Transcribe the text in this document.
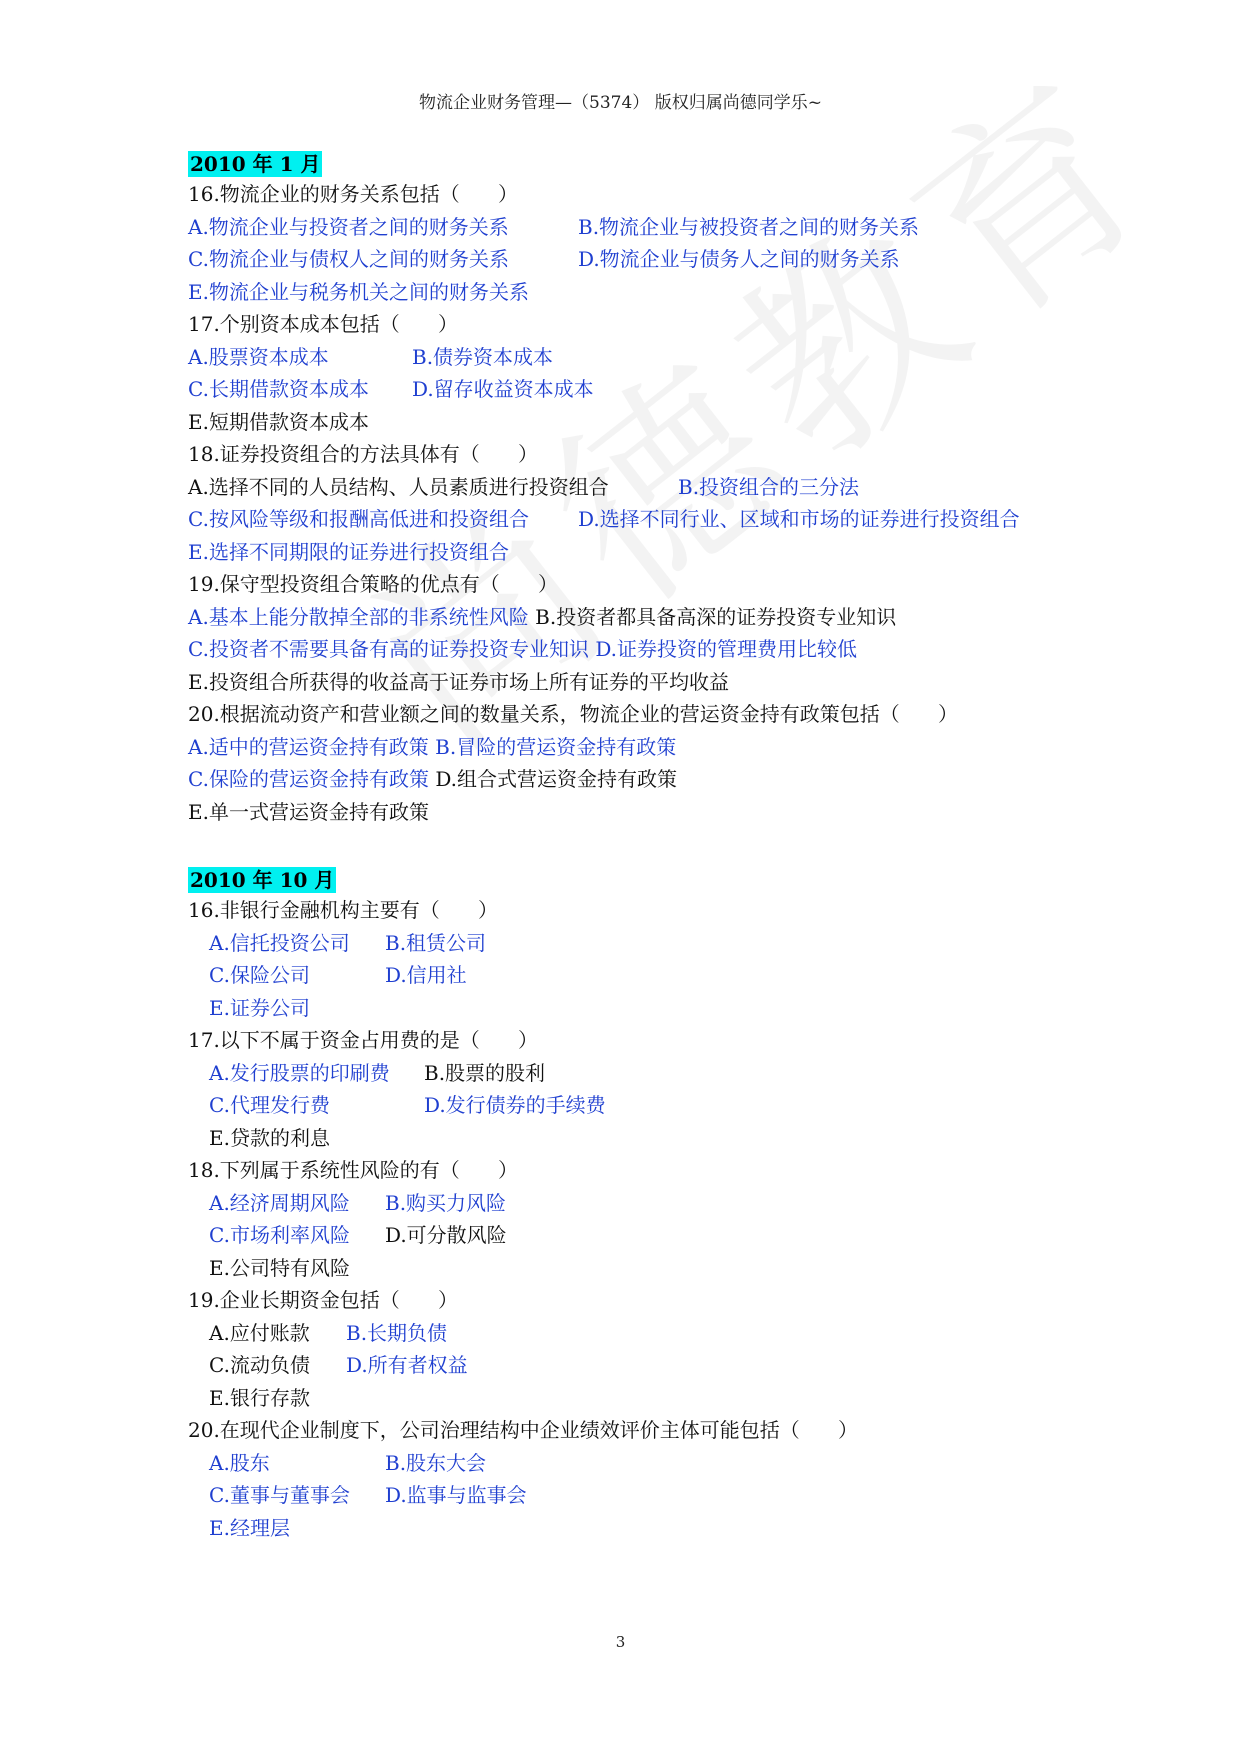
物流企业财务管理—（5374） 版权归属尚德同学乐~
2010 年 1 月
16.物流企业的财务关系包括（      ）
A.物流企业与投资者之间的财务关系	B.物流企业与被投资者之间的财务关系
C.物流企业与债权人之间的财务关系	D.物流企业与债务人之间的财务关系
E.物流企业与税务机关之间的财务关系
17.个别资本成本包括（      ）
A.股票资本成本	B.债券资本成本
C.长期借款资本成本 D.留存收益资本成本
E.短期借款资本成本
18.证券投资组合的方法具体有（      ）
A.选择不同的人员结构、人员素质进行投资组合	B.投资组合的三分法
C.按风险等级和报酬高低进和投资组合 D.选择不同行业、区域和市场的证券进行投资组合
E.选择不同期限的证券进行投资组合
19.保守型投资组合策略的优点有（      ）
A.基本上能分散掉全部的非系统性风险 B.投资者都具备高深的证券投资专业知识
C.投资者不需要具备有高的证券投资专业知识 D.证券投资的管理费用比较低
E.投资组合所获得的收益高于证券市场上所有证券的平均收益
20.根据流动资产和营业额之间的数量关系，物流企业的营运资金持有政策包括（      ）
A.适中的营运资金持有政策 B.冒险的营运资金持有政策
C.保险的营运资金持有政策 D.组合式营运资金持有政策
E.单一式营运资金持有政策
2010 年 10 月
16.非银行金融机构主要有（      ）
A.信托投资公司 B.租赁公司
C.保险公司	D.信用社
E.证券公司
17.以下不属于资金占用费的是（      ）
A.发行股票的印刷费 B.股票的股利
C.代理发行费	D.发行债券的手续费
E.贷款的利息
18.下列属于系统性风险的有（      ）
A.经济周期风险 B.购买力风险
C.市场利率风险 D.可分散风险
E.公司特有风险
19.企业长期资金包括（      ）
A.应付账款 B.长期负债
C.流动负债 D.所有者权益
E.银行存款
20.在现代企业制度下，公司治理结构中企业绩效评价主体可能包括（      ）
A.股东	B.股东大会
C.董事与董事会 D.监事与监事会
E.经理层
3
